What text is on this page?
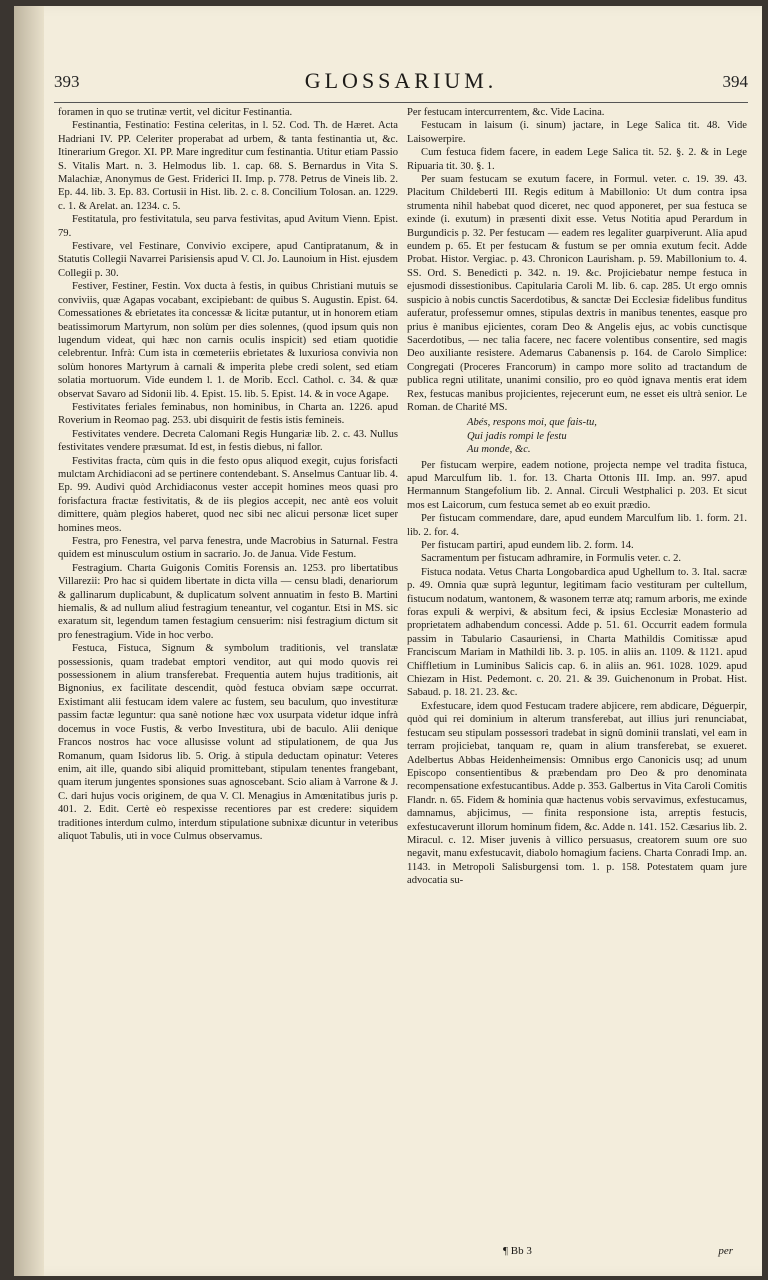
393	GLOSSARIUM.	394

foramen in quo se trutinæ vertit, vel dicitur Festinantia.

Festinantia, Festinatio: Festina celeritas, in l. 52. Cod. Th. de Hæret. Acta Hadriani IV. PP. Celeriter properabat ad urbem, & tanta festinantia ut, &c. Itinerarium Gregor. XI. PP. Mare ingreditur cum festinantia. Utitur etiam Passio S. Vitalis Mart. n. 3. Helmodus lib. 1. cap. 68. S. Bernardus in Vita S. Malachiæ, Anonymus de Gest. Friderici II. Imp. p. 778. Petrus de Vineis lib. 2. Ep. 44. lib. 3. Ep. 83. Cortusii in Hist. lib. 2. c. 8. Concilium Tolosan. an. 1229. c. 1. & Arelat. an. 1234. c. 5.

Festitatula, pro festivitatula, seu parva festivitas, apud Avitum Vienn. Epist. 79.

Festivare, vel Festinare, Convivio excipere, apud Cantipratanum, & in Statutis Collegii Navarrei Parisiensis apud V. Cl. Jo. Launoium in Hist. ejusdem Collegii p. 30.

Festiver, Festiner, Festin. Vox ducta à festis, in quibus Christiani mutuis se conviviis, quæ Agapas vocabant, excipiebant: de quibus S. Augustin. Epist. 64. Comessationes & ebrietates ita concessæ & licitæ putantur, ut in honorem etiam beatissimorum Martyrum, non solùm per dies solennes, (quod ipsum quis non lugendum videat, qui hæc non carnis oculis inspicit) sed etiam quotidie celebrentur. Infrà: Cum ista in cœmeteriis ebrietates & luxuriosa convivia non solùm honores Martyrum à carnali & imperita plebe credi solent, sed etiam solatia mortuorum. Vide eundem l. 1. de Morib. Eccl. Cathol. c. 34. & quæ observat Savaro ad Sidonii lib. 4. Epist. 15. lib. 5. Epist. 14. & in voce Agape.

Festivitates feriales feminabus, non hominibus, in Charta an. 1226. apud Roverium in Reomao pag. 253. ubi disquirit de festis istis femineis.

Festivitates vendere. Decreta Calomani Regis Hungariæ lib. 2. c. 43. Nullus festivitates vendere præsumat. Id est, in festis diebus, ni fallor.

Festivitas fracta, cùm quis in die festo opus aliquod exegit, cujus forisfacti mulctam Archidiaconi ad se pertinere contendebant. S. Anselmus Cantuar lib. 4. Ep. 99. Audivi quòd Archidiaconus vester accepit homines meos quasi pro forisfactura fractæ festivitatis, & de iis plegios accepit, nec antè eos voluit dimittere, quàm plegios haberet, quod nec sibi nec alicui personæ licet super homines meos.

Festra, pro Fenestra, vel parva fenestra, unde Macrobius in Saturnal. Festra quidem est minusculum ostium in sacrario. Jo. de Janua. Vide Festum.

Festragium. Charta Guigonis Comitis Forensis an. 1253. pro libertatibus Villarezii: Pro hac si quidem libertate in dicta villa — censu bladi, denariorum & gallinarum duplicabunt, & duplicatum solvent annuatim in festo B. Martini hiemalis, & ad nullum aliud festragium teneantur, vel cogantur. Etsi in MS. sic exaratum sit, legendum tamen festagium censuerim: nisi festragium dictum sit pro fenestragium. Vide in hoc verbo.

Festuca, Fistuca, Signum & symbolum traditionis, vel translatæ possessionis, quam tradebat emptori venditor, aut qui modo quovis rei possessionem in alium transferebat. Frequentia autem hujus traditionis, ait Bignonius, ex facilitate descendit, quòd festuca obviam sæpe occurrat. Existimant alii festucam idem valere ac fustem, seu baculum, quo investituræ passim factæ leguntur: qua sanè notione hæc vox usurpata videtur idque infrà docemus in voce Fustis, & verbo Investitura, ubi de baculo. Alii denique Francos nostros hac voce allusisse volunt ad stipulationem, de qua Jus Romanum, quam Isidorus lib. 5. Orig. à stipula deductam opinatur: Veteres enim, ait ille, quando sibi aliquid promittebant, stipulam tenentes frangebant, quam iterum jungentes sponsiones suas agnoscebant. Scio aliam à Varrone & J. C. dari hujus vocis originem, de qua V. Cl. Menagius in Amœnitatibus juris p. 401. 2. Edit. Certè eò respexisse recentiores par est credere: siquidem traditiones interdum culmo, interdum stipulatione subnixæ dicuntur in veteribus aliquot Tabulis, uti in voce Culmus observamus.

Per festucam intercurrentem, &c. Vide Lacina.

Festucam in laisum (i. sinum) jactare, in Lege Salica tit. 48. Vide Laisowerpire.

Cum festuca fidem facere, in eadem Lege Salica tit. 52. §. 2. & in Lege Ripuaria tit. 30. §. 1.

Per suam festucam se exutum facere, in Formul. veter. c. 19. 39. 43. Placitum Childeberti III. Regis editum à Mabillonio: Ut dum contra ipsa strumenta nihil habebat quod diceret, nec quod apponeret, per sua festuca se exinde (i. exutum) in præsenti dixit esse. Vetus Notitia apud Perardum in Burgundicis p. 32. Per festucam — eadem res legaliter guarpiverunt. Alia apud eundem p. 65. Et per festucam & fustum se per omnia exutum fecit. Adde Probat. Histor. Vergiac. p. 43. Chronicon Laurisham. p. 59. Mabillonium to. 4. SS. Ord. S. Benedicti p. 342. n. 19. &c. Projiciebatur nempe festuca in ejusmodi dissestionibus. Capitularia Caroli M. lib. 6. cap. 285. Ut ergo omnis suspicio à nobis cunctis Sacerdotibus, & sanctæ Dei Ecclesiæ fidelibus funditus auferatur, professemur omnes, stipulas dextris in manibus tenentes, easque pro prius è manibus ejicientes, coram Deo & Angelis ejus, ac vobis cunctisque Sacerdotibus, — nec talia facere, nec facere volentibus consentire, sed magis Deo auxiliante resistere. Ademarus Cabanensis p. 164. de Carolo Simplice: Congregati (Proceres Francorum) in campo more solito ad tractandum de publica regni utilitate, unanimi consilio, pro eo quòd ignava mentis erat idem Rex, festucas manibus projicientes, rejecerunt eum, ne esset eis ultrà senior. Le Roman. de Charité MS.

Abés, respons moi, que fais-tu,
Qui jadis rompi le festu
Au monde, &c.

Per fistucam werpire, eadem notione, projecta nempe vel tradita fistuca, apud Marculfum lib. 1. for. 13. Charta Ottonis III. Imp. an. 997. apud Hermannum Stangefolium lib. 2. Annal. Circuli Westphalici p. 203. Et sicut mos est Laicorum, cum festuca semet ab eo exuit prædio.

Per fistucam commendare, dare, apud eundem Marculfum lib. 1. form. 21. lib. 2. for. 4.

Per fistucam partiri, apud eundem lib. 2. form. 14.

Sacramentum per fistucam adhramire, in Formulis veter. c. 2.

Fistuca nodata. Vetus Charta Longobardica apud Ughellum to. 3. Ital. sacræ p. 49. Omnia quæ suprà leguntur, legitimam facio vestituram per cultellum, fistucum nodatum, wantonem, & wasonem terræ atq; ramum arboris, me exinde foras expuli & werpivi, & absitum feci, & ipsius Ecclesiæ Monasterio ad proprietatem adhabendum concessi. Adde p. 51. 61. Occurrit eadem formula passim in Tabulario Casauriensi, in Charta Mathildis Comitissæ apud Franciscum Mariam in Mathildi lib. 3. p. 105. in aliis an. 1109. & 1121. apud Chiffletium in Luminibus Salicis cap. 6. in aliis an. 961. 1028. 1029. apud Chiezam in Hist. Pedemont. c. 20. 21. & 39. Guichenonum in Probat. Hist. Sabaud. p. 18. 21. 23. &c.

Exfestucare, idem quod Festucam tradere abjicere, rem abdicare, Déguerpir, quòd qui rei dominium in alterum transferebat, aut illius juri renunciabat, festucam seu stipulam possessori tradebat in signû dominii translati, vel eam in terram projiciebat, tanquam re, quam in alium transferebat, se exueret. Adelbertus Abbas Heidenheimensis: Omnibus ergo Canonicis usq; ad unum Episcopo consentientibus & præbendam pro Deo & pro denominata recompensatione exfestucantibus. Adde p. 353. Galbertus in Vita Caroli Comitis Flandr. n. 65. Fidem & hominia quæ hactenus vobis servavimus, exfestucamus, damnamus, abjicimus, — finita responsione ista, arreptis festucis, exfestucaverunt illorum hominum fidem, &c. Adde n. 141. 152. Cæsarius lib. 2. Miracul. c. 12. Miser juvenis à villico persuasus, creatorem suum ore suo negavit, manu exfestucavit, diabolo homagium faciens. Charta Conradi Imp. an. 1143. in Metropoli Salisburgensi tom. 1. p. 158. Potestatem quam jure advocatia su-

¶ Bb 3	per
